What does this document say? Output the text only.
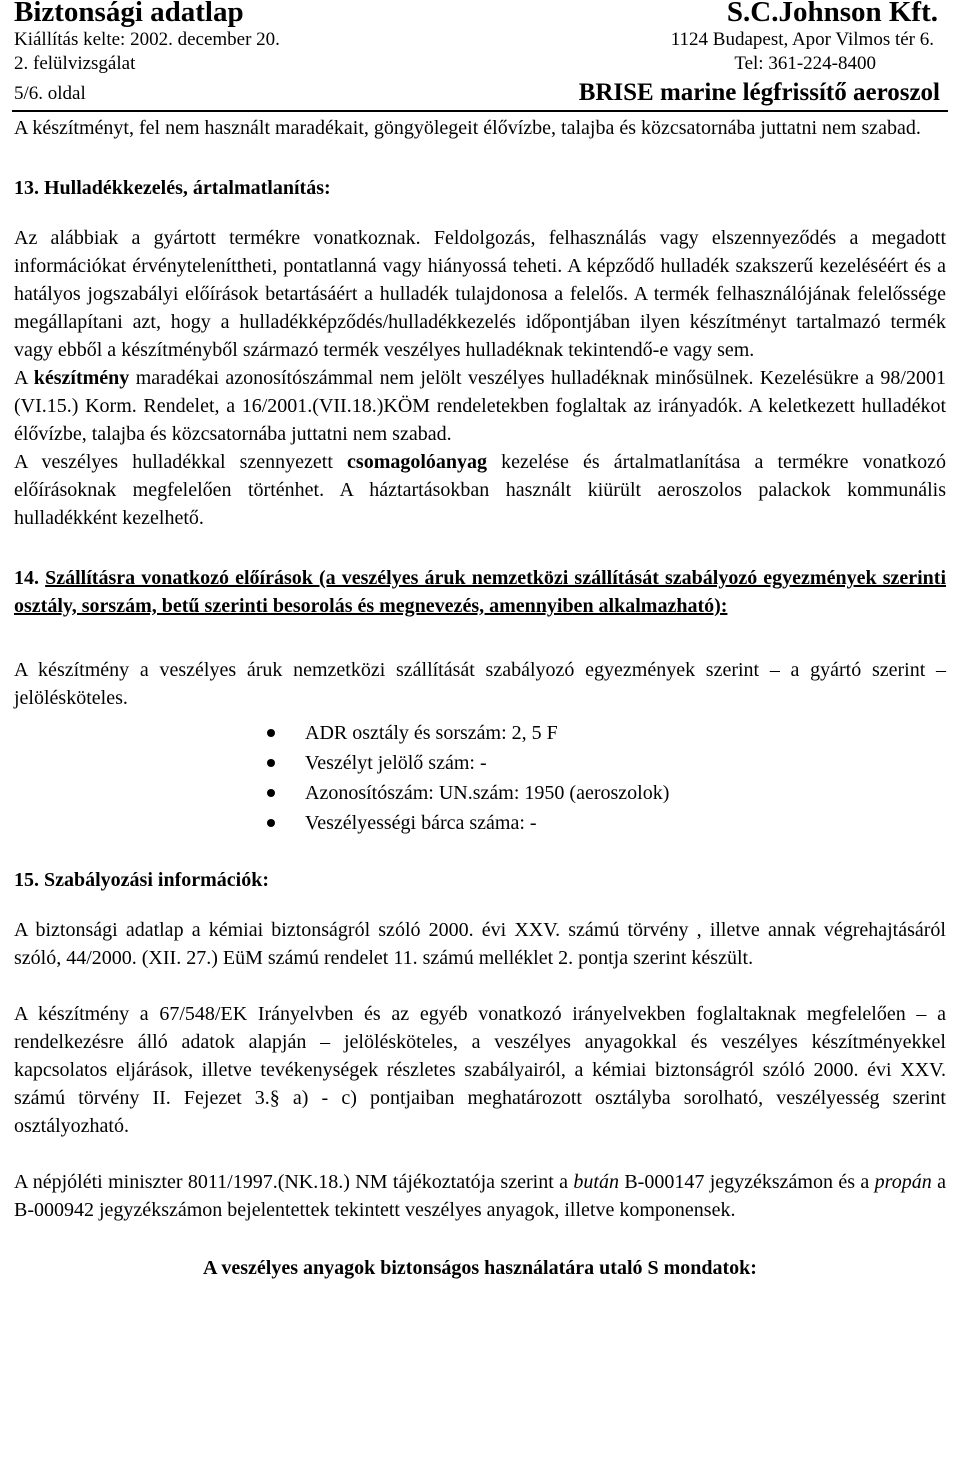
Biztonsági adatlap	S.C.Johnson Kft.
Kiállítás kelte: 2002. december 20.	1124 Budapest, Apor Vilmos tér 6.
2. felülvizsgálat	Tel: 361-224-8400
5/6. oldal	BRISE marine légfrissítő aeroszol

A készítményt, fel nem használt maradékait, göngyölegeit élővízbe, talajba és közcsatornába juttatni nem szabad.

13. Hulladékkezelés, ártalmatlanítás:

Az alábbiak a gyártott termékre vonatkoznak. Feldolgozás, felhasználás vagy elszennyeződés a megadott információkat érvényteleníttheti, pontatlanná vagy hiányossá teheti. A képződő hulladék szakszerű kezeléséért és a hatályos jogszabályi előírások betartásáért a hulladék tulajdonosa a felelős. A termék felhasználójának felelőssége megállapítani azt, hogy a hulladékképződés/hulladékkezelés időpontjában ilyen készítményt tartalmazó termék vagy ebből a készítményből származó termék veszélyes hulladéknak tekintendő-e vagy sem.

A készítmény maradékai azonosítószámmal nem jelölt veszélyes hulladéknak minősülnek. Kezelésükre a 98/2001 (VI.15.) Korm. Rendelet, a 16/2001.(VII.18.)KÖM rendeletekben foglaltak az irányadók. A keletkezett hulladékot élővízbe, talajba és közcsatornába juttatni nem szabad.

A veszélyes hulladékkal szennyezett csomagolóanyag kezelése és ártalmatlanítása a termékre vonatkozó előírásoknak megfelelően történhet. A háztartásokban használt kiürült aeroszolos palackok kommunális hulladékként kezelhető.

14. Szállításra vonatkozó előírások (a veszélyes áruk nemzetközi szállítását szabályozó egyezmények szerinti osztály, sorszám, betű szerinti besorolás és megnevezés, amennyiben alkalmazható):

A készítmény a veszélyes áruk nemzetközi szállítását szabályozó egyezmények szerint – a gyártó szerint – jelölésköteles.

ADR osztály és sorszám: 2, 5 F
Veszélyt jelölő szám: -
Azonosítószám: UN.szám: 1950 (aeroszolok)
Veszélyességi bárca száma: -

15. Szabályozási információk:

A biztonsági adatlap a kémiai biztonságról szóló 2000. évi XXV. számú törvény , illetve annak végrehajtásáról szóló, 44/2000. (XII. 27.) EüM számú rendelet 11. számú melléklet 2. pontja szerint készült.

A készítmény a 67/548/EK Irányelvben és az egyéb vonatkozó irányelvekben foglaltaknak megfelelően – a rendelkezésre álló adatok alapján – jelölésköteles, a veszélyes anyagokkal és veszélyes készítményekkel kapcsolatos eljárások, illetve tevékenységek részletes szabályairól, a kémiai biztonságról szóló 2000. évi XXV. számú törvény II. Fejezet 3.§ a) - c) pontjaiban meghatározott osztályba sorolható, veszélyesség szerint osztályozható.

A népjóléti miniszter 8011/1997.(NK.18.) NM tájékoztatója szerint a bután B-000147 jegyzékszámon és a propán a B-000942 jegyzékszámon bejelentettek tekintett veszélyes anyagok, illetve komponensek.

A veszélyes anyagok biztonságos használatára utaló S mondatok:
